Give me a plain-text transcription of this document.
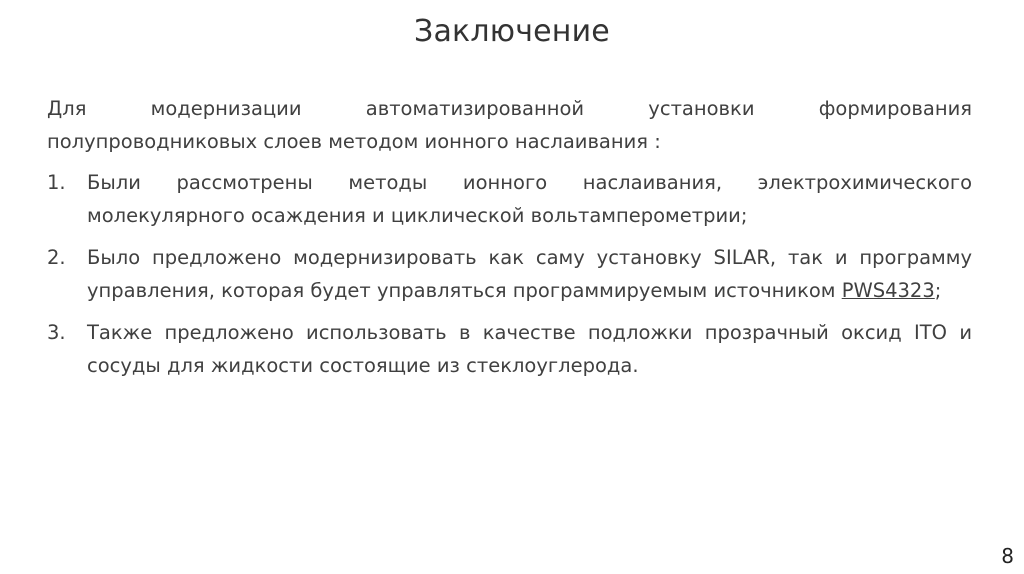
Заключение

Для модернизации автоматизированной установки формирования
полупроводниковых слоев методом ионного наслаивания :

1. Были рассмотрены методы ионного наслаивания, электрохимического молекулярного осаждения и циклической вольтамперометрии;
2. Было предложено модернизировать как саму установку SILAR, так и программу управления, которая будет управляться программируемым источником PWS4323;
3. Также предложено использовать в качестве подложки прозрачный оксид ITO и сосуды для жидкости состоящие из стеклоуглерода.
8
